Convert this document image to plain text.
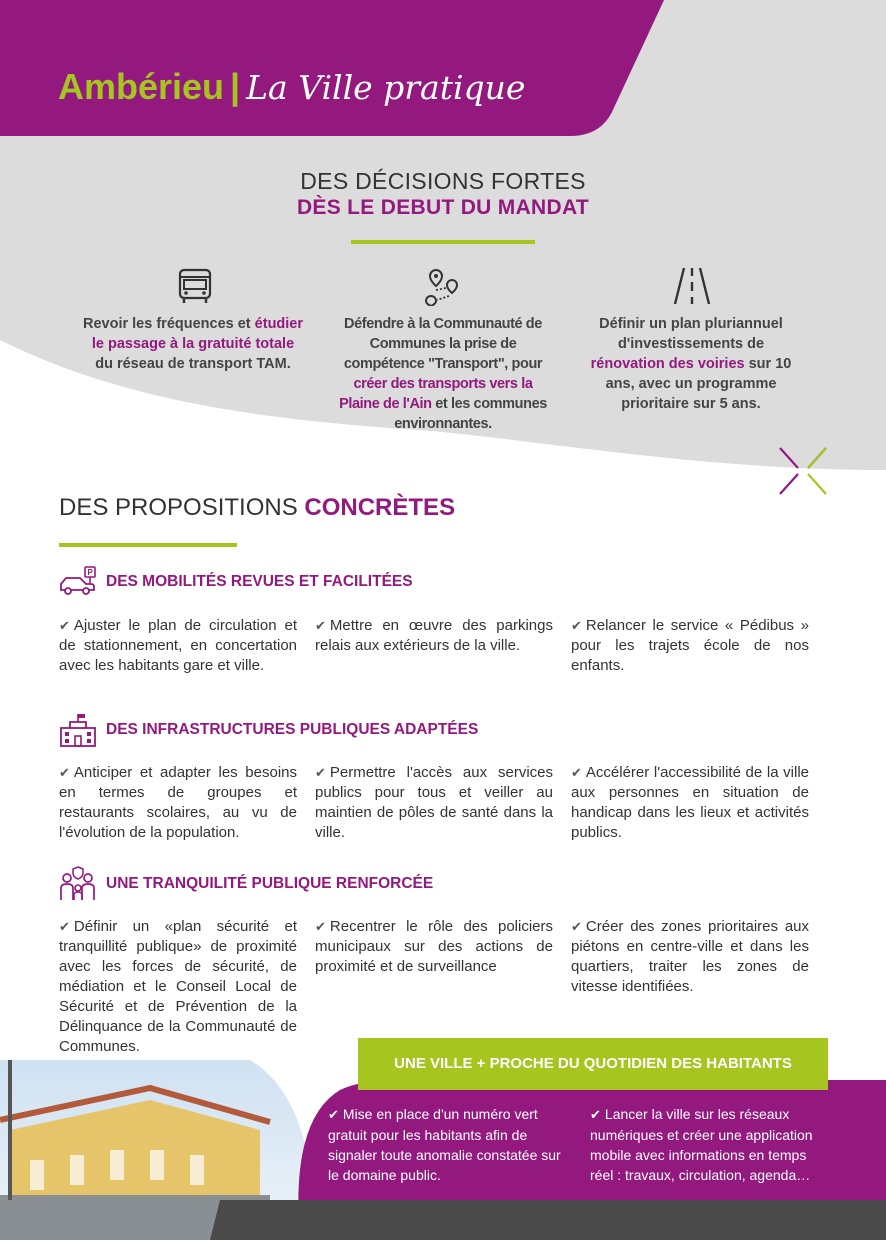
Ambérieu | La Ville pratique
DES DÉCISIONS FORTES
DÈS LE DEBUT DU MANDAT
Revoir les fréquences et étudier le passage à la gratuité totale du réseau de transport TAM.
Défendre à la Communauté de Communes la prise de compétence "Transport", pour créer des transports vers la Plaine de l'Ain et les communes environnantes.
Définir un plan pluriannuel d'investissements de rénovation des voiries sur 10 ans, avec un programme prioritaire sur 5 ans.
DES PROPOSITIONS CONCRÈTES
P
DES MOBILITÉS REVUES ET FACILITÉES
✔ Ajuster le plan de circulation et de stationnement, en concertation avec les habitants gare et ville.
✔ Mettre en œuvre des parkings relais aux extérieurs de la ville.
✔ Relancer le service « Pédibus » pour les trajets école de nos enfants.
DES INFRASTRUCTURES PUBLIQUES ADAPTÉES
✔ Anticiper et adapter les besoins en termes de groupes et restaurants scolaires, au vu de l'évolution de la population.
✔ Permettre l'accès aux services publics pour tous et veiller au maintien de pôles de santé dans la ville.
✔ Accélérer l'accessibilité de la ville aux personnes en situation de handicap dans les lieux et activités publics.
UNE TRANQUILITÉ PUBLIQUE RENFORCÉE
✔ Définir un «plan sécurité et tranquillité publique» de proximité avec les forces de sécurité, de médiation et le Conseil Local de Sécurité et de Prévention de la Délinquance de la Communauté de Communes.
✔ Recentrer le rôle des policiers municipaux sur des actions de proximité et de surveillance
✔ Créer des zones prioritaires aux piétons en centre-ville et dans les quartiers, traiter les zones de vitesse identifiées.
UNE VILLE + PROCHE DU QUOTIDIEN DES HABITANTS
✔ Mise en place d'un numéro vert gratuit pour les habitants afin de signaler toute anomalie constatée sur le domaine public.
✔ Lancer la ville sur les réseaux numériques et créer une application mobile avec informations en temps réel : travaux, circulation, agenda…
